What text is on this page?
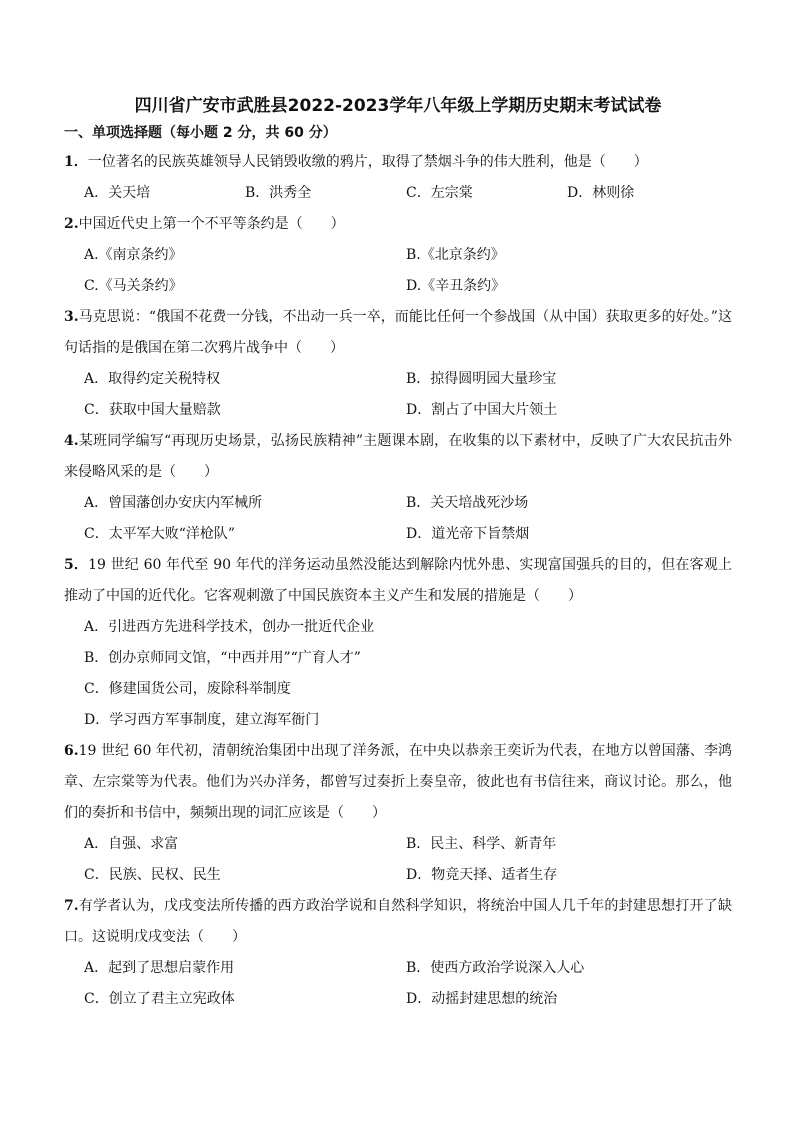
四川省广安市武胜县2022-2023学年八年级上学期历史期末考试试卷
一、单项选择题（每小题 2 分，共 60 分）
1．一位著名的民族英雄领导人民销毁收缴的鸦片，取得了禁烟斗争的伟大胜利，他是（　　）
A．关天培	B．洪秀全	C．左宗棠	D．林则徐
2.中国近代史上第一个不平等条约是（　　）
A.《南京条约》	B.《北京条约》
C.《马关条约》	D.《辛丑条约》
3.马克思说：“俄国不花费一分钱，不出动一兵一卒，而能比任何一个参战国（从中国）获取更多的好处。”这句话指的是俄国在第二次鸦片战争中（　　）
A．取得约定关税特权	B．掠得圆明园大量珍宝
C．获取中国大量赔款	D．割占了中国大片领土
4.某班同学编写“再现历史场景，弘扬民族精神”主题课本剧，在收集的以下素材中，反映了广大农民抗击外来侵略风采的是（　　）
A．曾国藩创办安庆内军械所	B．关天培战死沙场
C．太平军大败“洋枪队”	D．道光帝下旨禁烟
5．19 世纪 60 年代至 90 年代的洋务运动虽然没能达到解除内忧外患、实现富国强兵的目的，但在客观上推动了中国的近代化。它客观刺激了中国民族资本主义产生和发展的措施是（　　）
A．引进西方先进科学技术，创办一批近代企业
B．创办京师同文馆，“中西并用”“广育人才”
C．修建国货公司，废除科举制度
D．学习西方军事制度，建立海军衙门
6.19 世纪 60 年代初，清朝统治集团中出现了洋务派，在中央以恭亲王奕䜣为代表，在地方以曾国藩、李鸿章、左宗棠等为代表。他们为兴办洋务，都曾写过奏折上奏皇帝，彼此也有书信往来，商议讨论。那么，他们的奏折和书信中，频频出现的词汇应该是（　　）
A．自强、求富	B．民主、科学、新青年
C．民族、民权、民生	D．物竞天择、适者生存
7.有学者认为，戊戌变法所传播的西方政治学说和自然科学知识，将统治中国人几千年的封建思想打开了缺口。这说明戊戌变法（　　）
A．起到了思想启蒙作用	B．使西方政治学说深入人心
C．创立了君主立宪政体	D．动摇封建思想的统治
